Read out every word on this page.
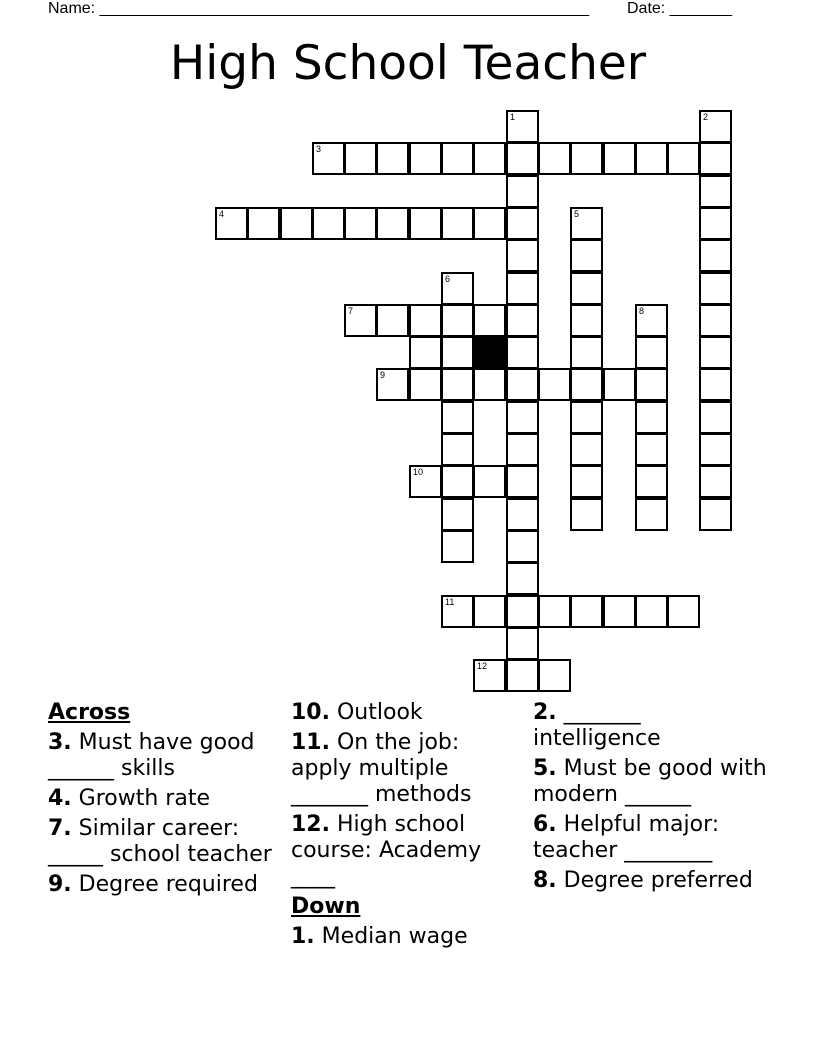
Name: _______________________________________________________ Date: _______
High School Teacher
1	2
3
4	5
6
7	8
9
10
11
12
Across
3. Must have good ______ skills
4. Growth rate
7. Similar career: _____ school teacher
9. Degree required
10. Outlook
11. On the job: apply multiple _______ methods
12. High school course: Academy ____
Down
1. Median wage
2. _______ intelligence
5. Must be good with modern ______
6. Helpful major: teacher ________
8. Degree preferred
